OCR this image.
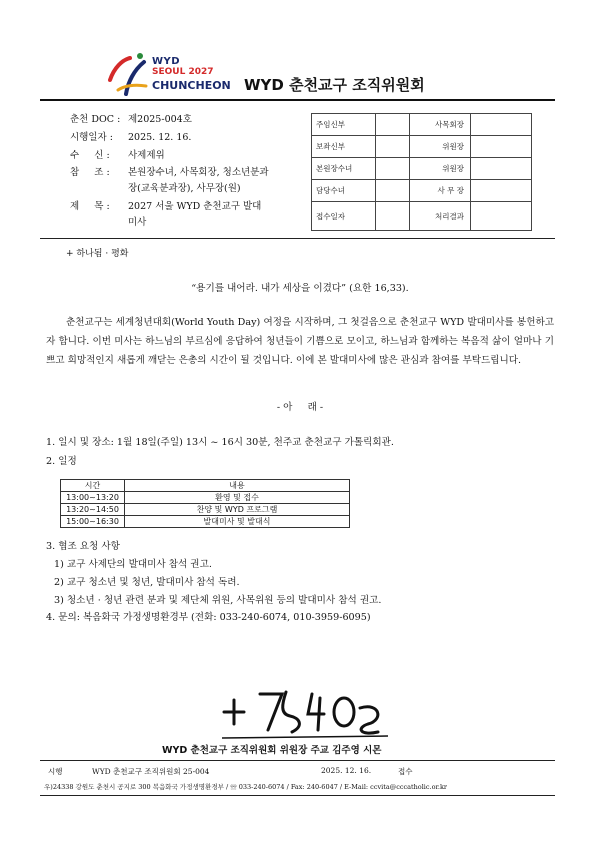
WYD
SEOUL 2027
CHUNCHEON WYD 춘천교구 조직위원회
춘천 DOC : 제2025-004호
시행일자 : 2025. 12. 16.
수     신 : 사제제위
참     조 : 본원장수녀, 사목회장, 청소년분과
장(교육분과장), 사무장(원)
제     목 : 2027 서울 WYD 춘천교구 발대
미사
주임신부		사목회장	
보좌신부		위원장	
본원장수녀		위원장	
담당수녀		사 무 장	
접수일자		처리결과	
+ 하나됨 · 평화
“용기를 내어라. 내가 세상을 이겼다” (요한 16,33).
춘천교구는 세계청년대회(World Youth Day) 여정을 시작하며, 그 첫걸음으로 춘천교구 WYD 발대미사를 봉헌하고자 합니다. 이번 미사는 하느님의 부르심에 응답하여 청년들이 기쁨으로 모이고, 하느님과 함께하는 복음적 삶이 얼마나 기쁘고 희망적인지 새롭게 깨닫는 은총의 시간이 될 것입니다. 이에 본 발대미사에 많은 관심과 참여를 부탁드립니다.
- 아     래 -
1. 일시 및 장소: 1월 18일(주일) 13시 ~ 16시 30분, 천주교 춘천교구 가톨릭회관.
2. 일정
시간	내용
13:00~13:20	환영 및 접수
13:20~14:50	찬양 및 WYD 프로그램
15:00~16:30	발대미사 및 발대식
3. 협조 요청 사항
1) 교구 사제단의 발대미사 참석 권고.
2) 교구 청소년 및 청년, 발대미사 참석 독려.
3) 청소년 · 청년 관련 분과 및 제단체 위원, 사목위원 등의 발대미사 참석 권고.
4. 문의: 복음화국 가정생명환경부 (전화: 033-240-6074, 010-3959-6095)
WYD 춘천교구 조직위원회 위원장 주교 김주영 시몬
시행	WYD 춘천교구 조직위원회 25-004	2025. 12. 16.	접수
우)24338 강원도 춘천시 공지로 300 복음화국 가정생명환경부 / ☏ 033-240-6074 / Fax: 240-6047 / E-Mail: ccvita@cccatholic.or.kr
